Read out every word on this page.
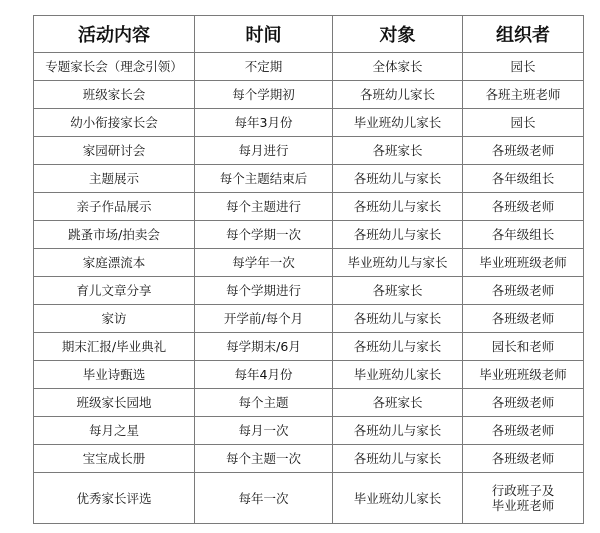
活动内容	时间	对象	组织者
专题家长会（理念引领）	不定期	全体家长	园长
班级家长会	每个学期初	各班幼儿家长	各班主班老师
幼小衔接家长会	每年3月份	毕业班幼儿家长	园长
家园研讨会	每月进行	各班家长	各班级老师
主题展示	每个主题结束后	各班幼儿与家长	各年级组长
亲子作品展示	每个主题进行	各班幼儿与家长	各班级老师
跳蚤市场/拍卖会	每个学期一次	各班幼儿与家长	各年级组长
家庭漂流本	每学年一次	毕业班幼儿与家长	毕业班班级老师
育儿文章分享	每个学期进行	各班家长	各班级老师
家访	开学前/每个月	各班幼儿与家长	各班级老师
期末汇报/毕业典礼	每学期末/6月	各班幼儿与家长	园长和老师
毕业诗甄选	每年4月份	毕业班幼儿家长	毕业班班级老师
班级家长园地	每个主题	各班家长	各班级老师
每月之星	每月一次	各班幼儿与家长	各班级老师
宝宝成长册	每个主题一次	各班幼儿与家长	各班级老师
优秀家长评选	每年一次	毕业班幼儿家长	行政班子及
毕业班老师
